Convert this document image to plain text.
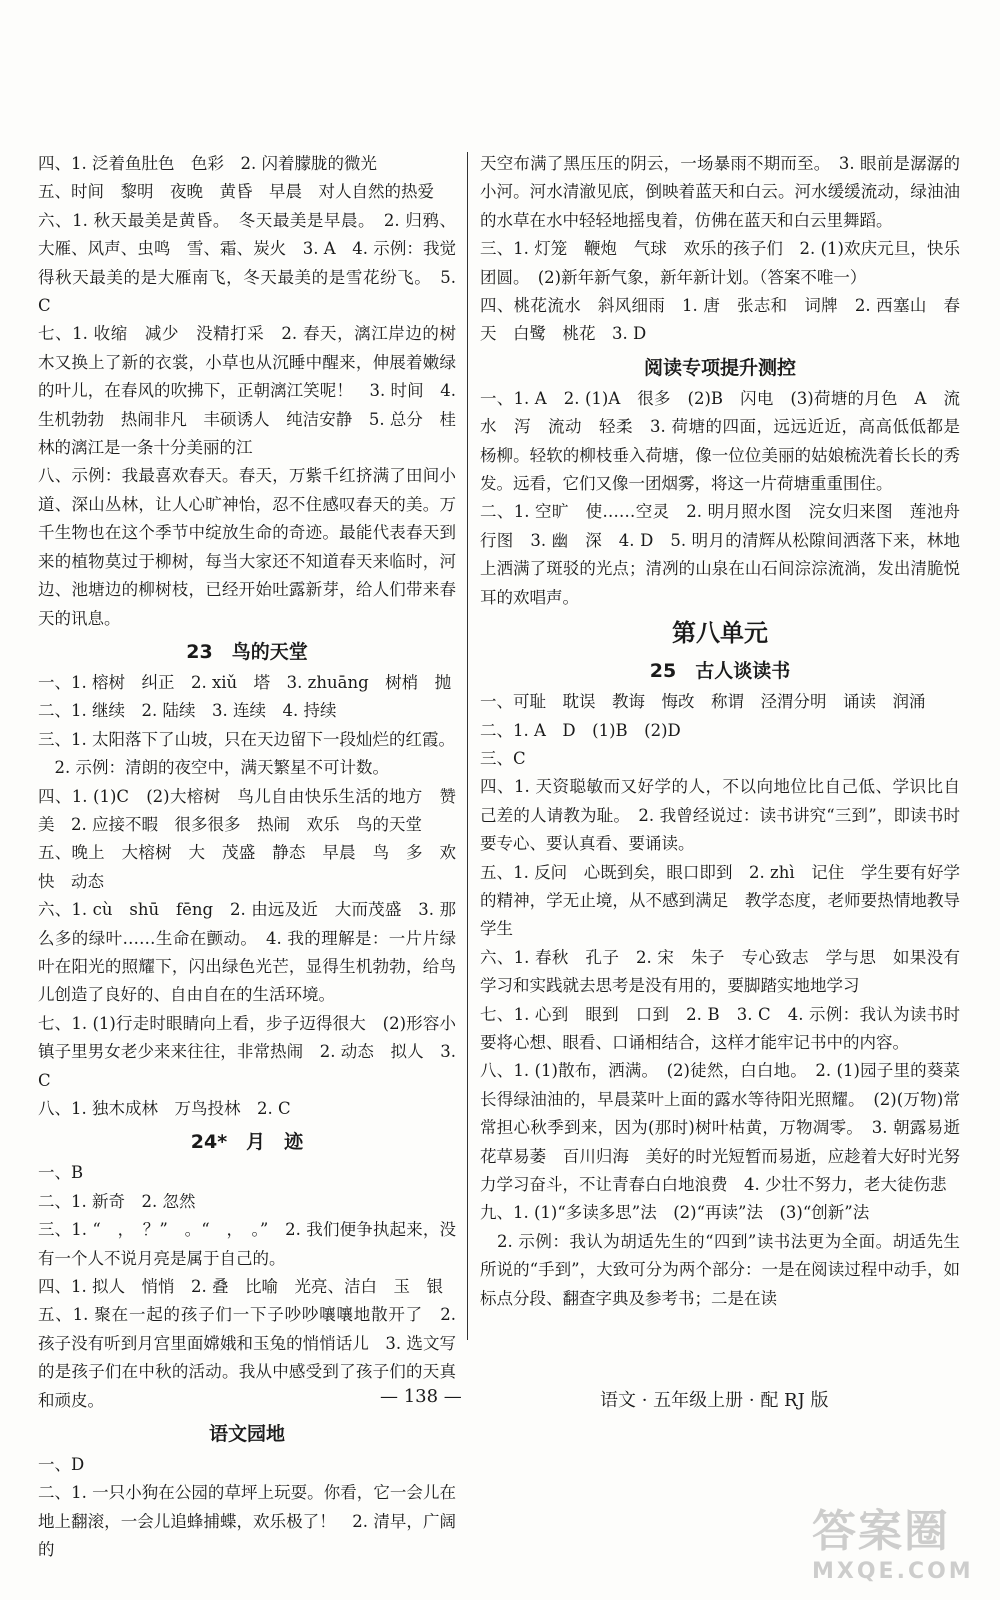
四、1. 泛着鱼肚色　色彩　2. 闪着朦胧的微光　

五、时间　黎明　夜晚　黄昏　早晨　对人自然的热爱

六、1. 秋天最美是黄昏。　冬天最美是早晨。　2. 归鸦、大雁、风声、虫鸣　雪、霜、炭火　3. A　4. 示例：我觉得秋天最美的是大雁南飞，冬天最美的是雪花纷飞。　5. C

七、1. 收缩　减少　没精打采　2. 春天，漓江岸边的树木又换上了新的衣裳，小草也从沉睡中醒来，伸展着嫩绿的叶儿，在春风的吹拂下，正朝漓江笑呢！　3. 时间　4. 生机勃勃　热闹非凡　丰硕诱人　纯洁安静　5. 总分　桂林的漓江是一条十分美丽的江

八、示例：我最喜欢春天。春天，万紫千红挤满了田间小道、深山丛林，让人心旷神怡，忍不住感叹春天的美。万千生物也在这个季节中绽放生命的奇迹。最能代表春天到来的植物莫过于柳树，每当大家还不知道春天来临时，河边、池塘边的柳树枝，已经开始吐露新芽，给人们带来春天的讯息。

23　鸟的天堂

一、1. 榕树　纠正　2. xiǔ　塔　3. zhuāng　树梢　抛

二、1. 继续　2. 陆续　3. 连续　4. 持续

三、1. 太阳落下了山坡，只在天边留下一段灿烂的红霞。

　2. 示例：清朗的夜空中，满天繁星不可计数。

四、1. (1)C　(2)大榕树　鸟儿自由快乐生活的地方　赞美　2. 应接不暇　很多很多　热闹　欢乐　鸟的天堂

五、晚上　大榕树　大　茂盛　静态　早晨　鸟　多　欢快　动态

六、1. cù　shū　fēng　2. 由远及近　大而茂盛　3. 那么多的绿叶……生命在颤动。　4. 我的理解是：一片片绿叶在阳光的照耀下，闪出绿色光芒，显得生机勃勃，给鸟儿创造了良好的、自由自在的生活环境。

七、1. (1)行走时眼睛向上看，步子迈得很大　(2)形容小镇子里男女老少来来往往，非常热闹　2. 动态　拟人　3. C

八、1. 独木成林　万鸟投林　2. C

24*　月　迹

一、B

二、1. 新奇　2. 忽然

三、1. “　，　？”　。“　，　。”　2. 我们便争执起来，没有一个人不说月亮是属于自己的。

四、1. 拟人　悄悄　2. 叠　比喻　光亮、洁白　玉　银

五、1. 聚在一起的孩子们一下子吵吵嚷嚷地散开了　2. 孩子没有听到月宫里面嫦娥和玉兔的悄悄话儿　3. 选文写的是孩子们在中秋的活动。我从中感受到了孩子们的天真和顽皮。

语文园地

一、D

二、1. 一只小狗在公园的草坪上玩耍。你看，它一会儿在地上翻滚，一会儿追蜂捕蝶，欢乐极了！　2. 清早，广阔的

天空布满了黑压压的阴云，一场暴雨不期而至。　3. 眼前是潺潺的小河。河水清澈见底，倒映着蓝天和白云。河水缓缓流动，绿油油的水草在水中轻轻地摇曳着，仿佛在蓝天和白云里舞蹈。

三、1. 灯笼　鞭炮　气球　欢乐的孩子们　2. (1)欢庆元旦，快乐团圆。　(2)新年新气象，新年新计划。（答案不唯一）

四、桃花流水　斜风细雨　1. 唐　张志和　词牌　2. 西塞山　春天　白鹭　桃花　3. D

阅读专项提升测控

一、1. A　2. (1)A　很多　(2)B　闪电　(3)荷塘的月色　A　流水　泻　流动　轻柔　3. 荷塘的四面，远远近近，高高低低都是杨柳。轻软的柳枝垂入荷塘，像一位位美丽的姑娘梳洗着长长的秀发。远看，它们又像一团烟雾，将这一片荷塘重重围住。

二、1. 空旷　使……空灵　2. 明月照水图　浣女归来图　莲池舟行图　3. 幽　深　4. D　5. 明月的清辉从松隙间洒落下来，林地上洒满了斑驳的光点；清冽的山泉在山石间淙淙流淌，发出清脆悦耳的欢唱声。

第八单元
25　古人谈读书

一、可耻　耽误　教诲　悔改　称谓　泾渭分明　诵读　润涌

二、1. A　D　(1)B　(2)D

三、C

四、1. 天资聪敏而又好学的人，不以向地位比自己低、学识比自己差的人请教为耻。　2. 我曾经说过：读书讲究“三到”，即读书时要专心、要认真看、要诵读。

五、1. 反问　心既到矣，眼口即到　2. zhì　记住　学生要有好学的精神，学无止境，从不感到满足　教学态度，老师要热情地教导学生

六、1. 春秋　孔子　2. 宋　朱子　专心致志　学与思　如果没有学习和实践就去思考是没有用的，要脚踏实地地学习

七、1. 心到　眼到　口到　2. B　3. C　4. 示例：我认为读书时要将心想、眼看、口诵相结合，这样才能牢记书中的内容。

八、1. (1)散布，洒满。　(2)徒然，白白地。　2. (1)园子里的葵菜长得绿油油的，早晨菜叶上面的露水等待阳光照耀。　(2)(万物)常常担心秋季到来，因为(那时)树叶枯黄，万物凋零。　3. 朝露易逝　花草易萎　百川归海　美好的时光短暂而易逝，应趁着大好时光努力学习奋斗，不让青春白白地浪费　4. 少壮不努力，老大徒伤悲

九、1. (1)“多读多思”法　(2)“再读”法　(3)“创新”法

　2. 示例：我认为胡适先生的“四到”读书法更为全面。胡适先生所说的“手到”，大致可分为两个部分：一是在阅读过程中动手，如标点分段、翻查字典及参考书；二是在读

— 138 —	语文 · 五年级上册 · 配 RJ 版
答案圈
MXQE.COM
